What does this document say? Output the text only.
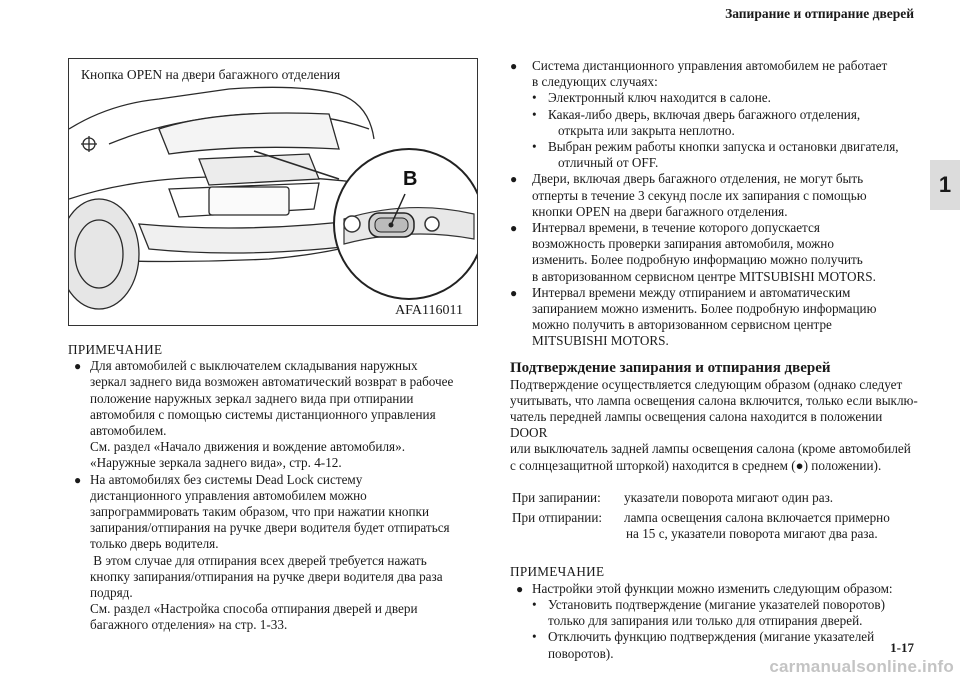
Запирание и отпирание дверей
1
B
Кнопка OPEN на двери багажного отделения
AFA116011
ПРИМЕЧАНИЕ
● Для автомобилей с выключателем складывания наружных
зеркал заднего вида возможен автоматический возврат в рабочее
положение наружных зеркал заднего вида при отпирании
автомобиля с помощью системы дистанционного управления
автомобилем.
См. раздел «Начало движения и вождение автомобиля».
«Наружные зеркала заднего вида», стр. 4-12.
● На автомобилях без системы Dead Lock систему
дистанционного управления автомобилем можно
запрограммировать таким образом, что при нажатии кнопки
запирания/отпирания на ручке двери водителя будет отпираться
только дверь водителя.
В этом случае для отпирания всех дверей требуется нажать
кнопку запирания/отпирания на ручке двери водителя два раза
подряд.
См. раздел «Настройка способа отпирания дверей и двери
багажного отделения» на стр. 1-33.
● Система дистанционного управления автомобилем не работает
в следующих случаях:
• Электронный ключ находится в салоне.
• Какая-либо дверь, включая дверь багажного отделения,
открыта или закрыта неплотно.
• Выбран режим работы кнопки запуска и остановки двигателя,
отличный от OFF.
● Двери, включая дверь багажного отделения, не могут быть
отперты в течение 3 секунд после их запирания с помощью
кнопки OPEN на двери багажного отделения.
● Интервал времени, в течение которого допускается
возможность проверки запирания автомобиля, можно
изменить. Более подробную информацию можно получить
в авторизованном сервисном центре MITSUBISHI MOTORS.
● Интервал времени между отпиранием и автоматическим
запиранием можно изменить. Более подробную информацию
можно получить в авторизованном сервисном центре
MITSUBISHI MOTORS.
Подтверждение запирания и отпирания дверей
Подтверждение осуществляется следующим образом (однако следует
учитывать, что лампа освещения салона включится, только если выклю-
чатель передней лампы освещения салона находится в положении DOOR
или выключатель задней лампы освещения салона (кроме автомобилей
с солнцезащитной шторкой) находится в среднем (●) положении).
При запирании:	указатели поворота мигают один раз.

При отпирании:	лампа освещения салона включается примерно
на 15 с, указатели поворота мигают два раза.
ПРИМЕЧАНИЕ
● Настройки этой функции можно изменить следующим образом:
• Установить подтверждение (мигание указателей поворотов)
только для запирания или только для отпирания дверей.
• Отключить функцию подтверждения (мигание указателей
поворотов).	1-17
carmanualsonline.info
